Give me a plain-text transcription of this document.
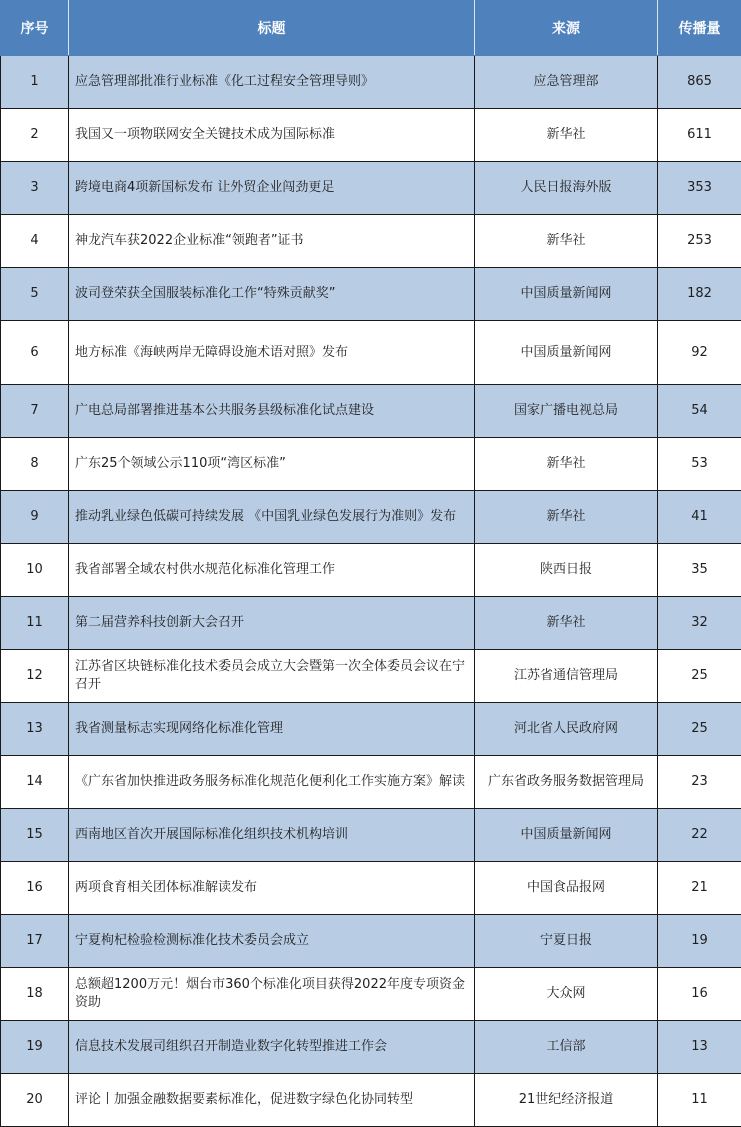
序号	标题	来源	传播量
1	应急管理部批准行业标准《化工过程安全管理导则》	应急管理部	865
2	我国又一项物联网安全关键技术成为国际标准	新华社	611
3	跨境电商4项新国标发布 让外贸企业闯劲更足	人民日报海外版	353
4	神龙汽车获2022企业标准“领跑者”证书	新华社	253
5	波司登荣获全国服装标准化工作“特殊贡献奖”	中国质量新闻网	182
6	地方标准《海峡两岸无障碍设施术语对照》发布	中国质量新闻网	92
7	广电总局部署推进基本公共服务县级标准化试点建设	国家广播电视总局	54
8	广东25个领域公示110项“湾区标准”	新华社	53
9	推动乳业绿色低碳可持续发展 《中国乳业绿色发展行为准则》发布	新华社	41
10	我省部署全域农村供水规范化标准化管理工作	陕西日报	35
11	第二届营养科技创新大会召开	新华社	32
12	江苏省区块链标准化技术委员会成立大会暨第一次全体委员会议在宁召开	江苏省通信管理局	25
13	我省测量标志实现网络化标准化管理	河北省人民政府网	25
14	《广东省加快推进政务服务标准化规范化便利化工作实施方案》解读	广东省政务服务数据管理局	23
15	西南地区首次开展国际标准化组织技术机构培训	中国质量新闻网	22
16	两项食育相关团体标准解读发布	中国食品报网	21
17	宁夏枸杞检验检测标准化技术委员会成立	宁夏日报	19
18	总额超1200万元！烟台市360个标准化项目获得2022年度专项资金资助	大众网	16
19	信息技术发展司组织召开制造业数字化转型推进工作会	工信部	13
20	评论丨加强金融数据要素标准化，促进数字绿色化协同转型	21世纪经济报道	11
